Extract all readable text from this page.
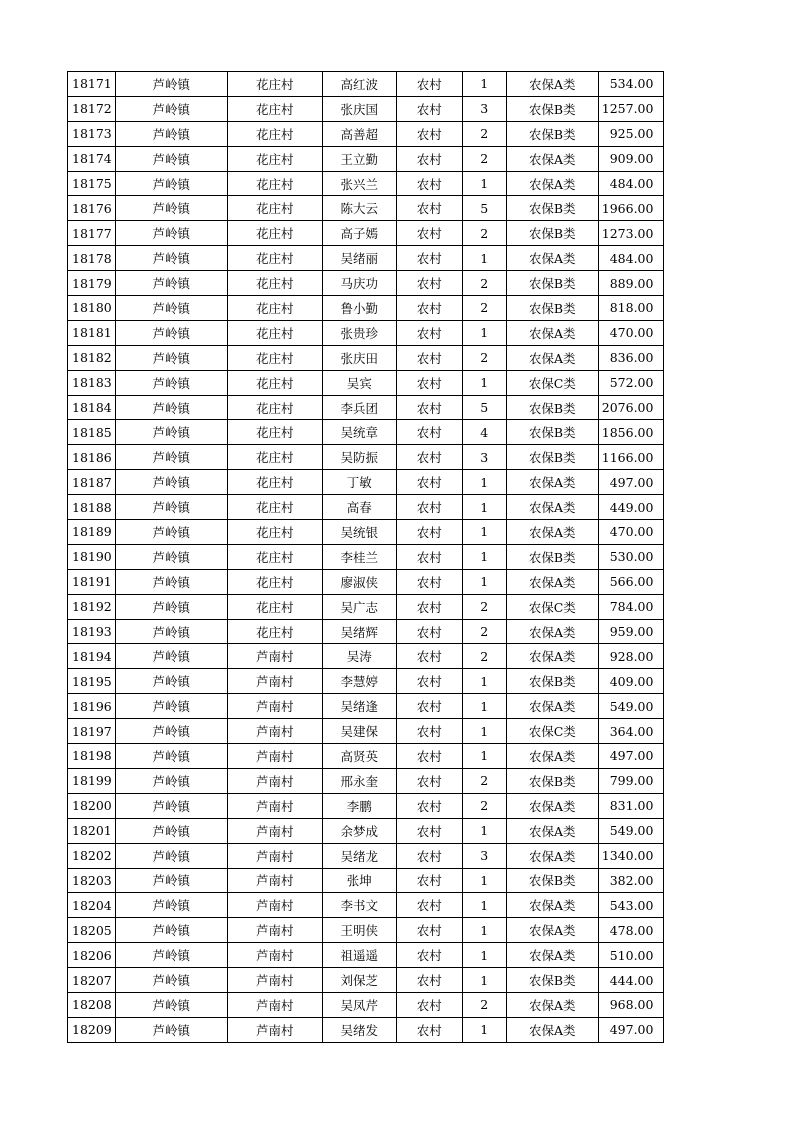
18171	芦岭镇	花庄村	高红波	农村	1	农保A类	534.00
18172	芦岭镇	花庄村	张庆国	农村	3	农保B类	1257.00
18173	芦岭镇	花庄村	高善超	农村	2	农保B类	925.00
18174	芦岭镇	花庄村	王立勤	农村	2	农保A类	909.00
18175	芦岭镇	花庄村	张兴兰	农村	1	农保A类	484.00
18176	芦岭镇	花庄村	陈大云	农村	5	农保B类	1966.00
18177	芦岭镇	花庄村	高子嫣	农村	2	农保B类	1273.00
18178	芦岭镇	花庄村	吴绪丽	农村	1	农保A类	484.00
18179	芦岭镇	花庄村	马庆功	农村	2	农保B类	889.00
18180	芦岭镇	花庄村	鲁小勤	农村	2	农保B类	818.00
18181	芦岭镇	花庄村	张贵珍	农村	1	农保A类	470.00
18182	芦岭镇	花庄村	张庆田	农村	2	农保A类	836.00
18183	芦岭镇	花庄村	吴宾	农村	1	农保C类	572.00
18184	芦岭镇	花庄村	李兵团	农村	5	农保B类	2076.00
18185	芦岭镇	花庄村	吴统章	农村	4	农保B类	1856.00
18186	芦岭镇	花庄村	吴防振	农村	3	农保B类	1166.00
18187	芦岭镇	花庄村	丁敏	农村	1	农保A类	497.00
18188	芦岭镇	花庄村	高春	农村	1	农保A类	449.00
18189	芦岭镇	花庄村	吴统银	农村	1	农保A类	470.00
18190	芦岭镇	花庄村	李桂兰	农村	1	农保B类	530.00
18191	芦岭镇	花庄村	廖淑侠	农村	1	农保A类	566.00
18192	芦岭镇	花庄村	吴广志	农村	2	农保C类	784.00
18193	芦岭镇	花庄村	吴绪辉	农村	2	农保A类	959.00
18194	芦岭镇	芦南村	吴涛	农村	2	农保A类	928.00
18195	芦岭镇	芦南村	李慧婷	农村	1	农保B类	409.00
18196	芦岭镇	芦南村	吴绪逢	农村	1	农保A类	549.00
18197	芦岭镇	芦南村	吴建保	农村	1	农保C类	364.00
18198	芦岭镇	芦南村	高贤英	农村	1	农保A类	497.00
18199	芦岭镇	芦南村	邢永奎	农村	2	农保B类	799.00
18200	芦岭镇	芦南村	李鹏	农村	2	农保A类	831.00
18201	芦岭镇	芦南村	余梦成	农村	1	农保A类	549.00
18202	芦岭镇	芦南村	吴绪龙	农村	3	农保A类	1340.00
18203	芦岭镇	芦南村	张坤	农村	1	农保B类	382.00
18204	芦岭镇	芦南村	李书文	农村	1	农保A类	543.00
18205	芦岭镇	芦南村	王明侠	农村	1	农保A类	478.00
18206	芦岭镇	芦南村	祖遥遥	农村	1	农保A类	510.00
18207	芦岭镇	芦南村	刘保芝	农村	1	农保B类	444.00
18208	芦岭镇	芦南村	吴凤芹	农村	2	农保A类	968.00
18209	芦岭镇	芦南村	吴绪发	农村	1	农保A类	497.00
